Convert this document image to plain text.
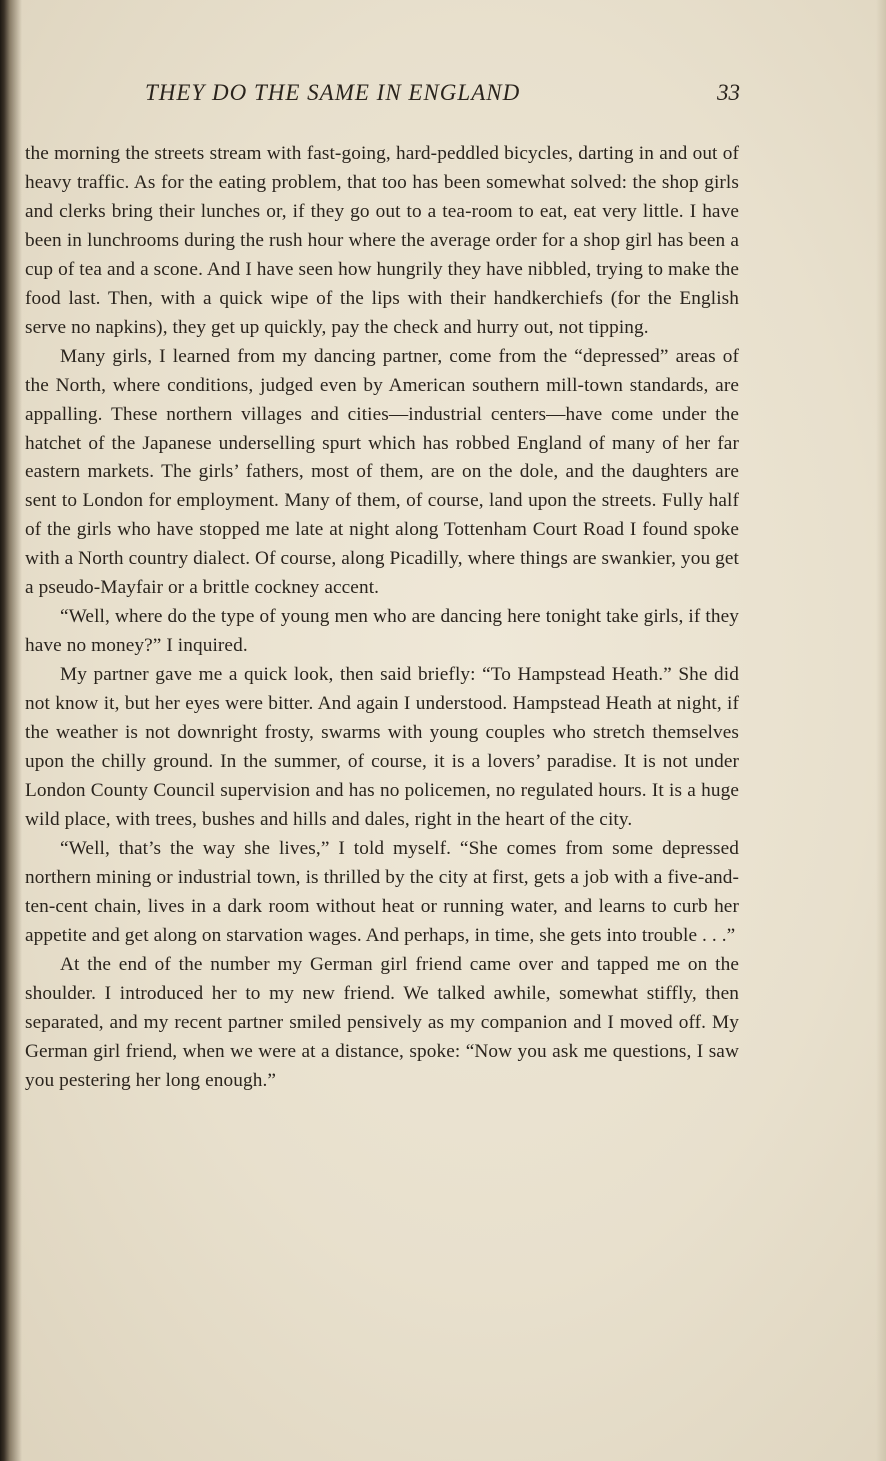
THEY DO THE SAME IN ENGLAND	33

the morning the streets stream with fast-going, hard-peddled bicycles, darting in and out of heavy traffic. As for the eating problem, that too has been somewhat solved: the shop girls and clerks bring their lunches or, if they go out to a tea-room to eat, eat very little. I have been in lunchrooms during the rush hour where the average order for a shop girl has been a cup of tea and a scone. And I have seen how hungrily they have nibbled, trying to make the food last. Then, with a quick wipe of the lips with their handkerchiefs (for the English serve no napkins), they get up quickly, pay the check and hurry out, not tipping.

Many girls, I learned from my dancing partner, come from the “depressed” areas of the North, where conditions, judged even by American southern mill-town standards, are appalling. These northern villages and cities—industrial centers—have come under the hatchet of the Japanese underselling spurt which has robbed England of many of her far eastern markets. The girls’ fathers, most of them, are on the dole, and the daughters are sent to London for employment. Many of them, of course, land upon the streets. Fully half of the girls who have stopped me late at night along Tottenham Court Road I found spoke with a North country dialect. Of course, along Picadilly, where things are swankier, you get a pseudo-Mayfair or a brittle cockney accent.

“Well, where do the type of young men who are dancing here tonight take girls, if they have no money?” I inquired.

My partner gave me a quick look, then said briefly: “To Hampstead Heath.” She did not know it, but her eyes were bitter. And again I understood. Hampstead Heath at night, if the weather is not downright frosty, swarms with young couples who stretch themselves upon the chilly ground. In the summer, of course, it is a lovers’ paradise. It is not under London County Council supervision and has no policemen, no regulated hours. It is a huge wild place, with trees, bushes and hills and dales, right in the heart of the city.

“Well, that’s the way she lives,” I told myself. “She comes from some depressed northern mining or industrial town, is thrilled by the city at first, gets a job with a five-and-ten-cent chain, lives in a dark room without heat or running water, and learns to curb her appetite and get along on starvation wages. And perhaps, in time, she gets into trouble . . .”

At the end of the number my German girl friend came over and tapped me on the shoulder. I introduced her to my new friend. We talked awhile, somewhat stiffly, then separated, and my recent partner smiled pensively as my companion and I moved off. My German girl friend, when we were at a distance, spoke: “Now you ask me questions, I saw you pestering her long enough.”
